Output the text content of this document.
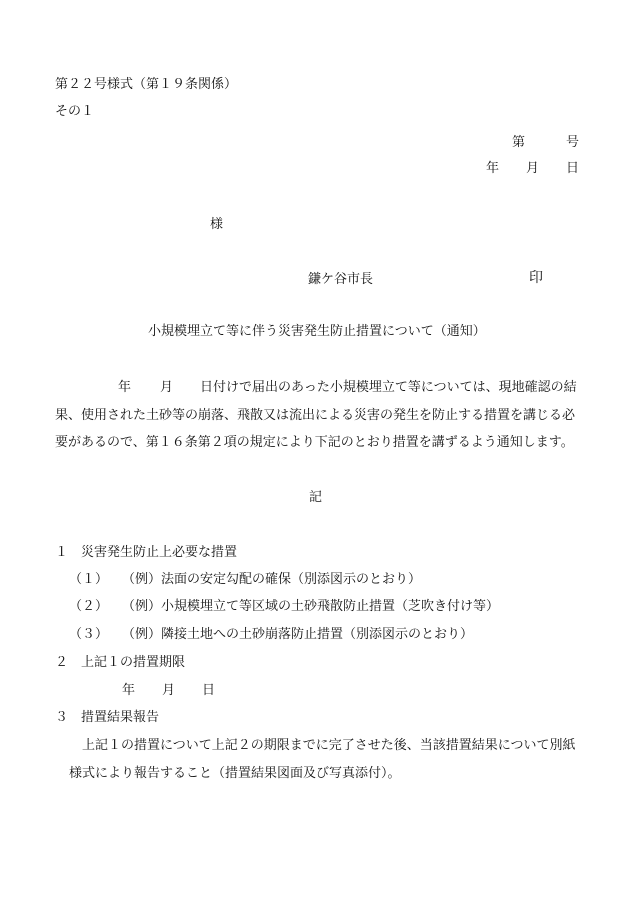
第２２号様式（第１９条関係）
その１
第	号
年 月 日
様
鎌ケ谷市長	印
小規模埋立て等に伴う災害発生防止措置について（通知）
年 月 日付けで届出のあった小規模埋立て等については、現地確認の結
果、使用された土砂等の崩落、飛散又は流出による災害の発生を防止する措置を講じる必
要があるので、第１６条第２項の規定により下記のとおり措置を講ずるよう通知します。
記
１　災害発生防止上必要な措置
（１） （例）法面の安定勾配の確保（別添図示のとおり）
（２） （例）小規模埋立て等区域の土砂飛散防止措置（芝吹き付け等）
（３） （例）隣接土地への土砂崩落防止措置（別添図示のとおり）
２　上記１の措置期限
年 月 日
３　措置結果報告
上記１の措置について上記２の期限までに完了させた後、当該措置結果について別紙
様式により報告すること（措置結果図面及び写真添付）。
